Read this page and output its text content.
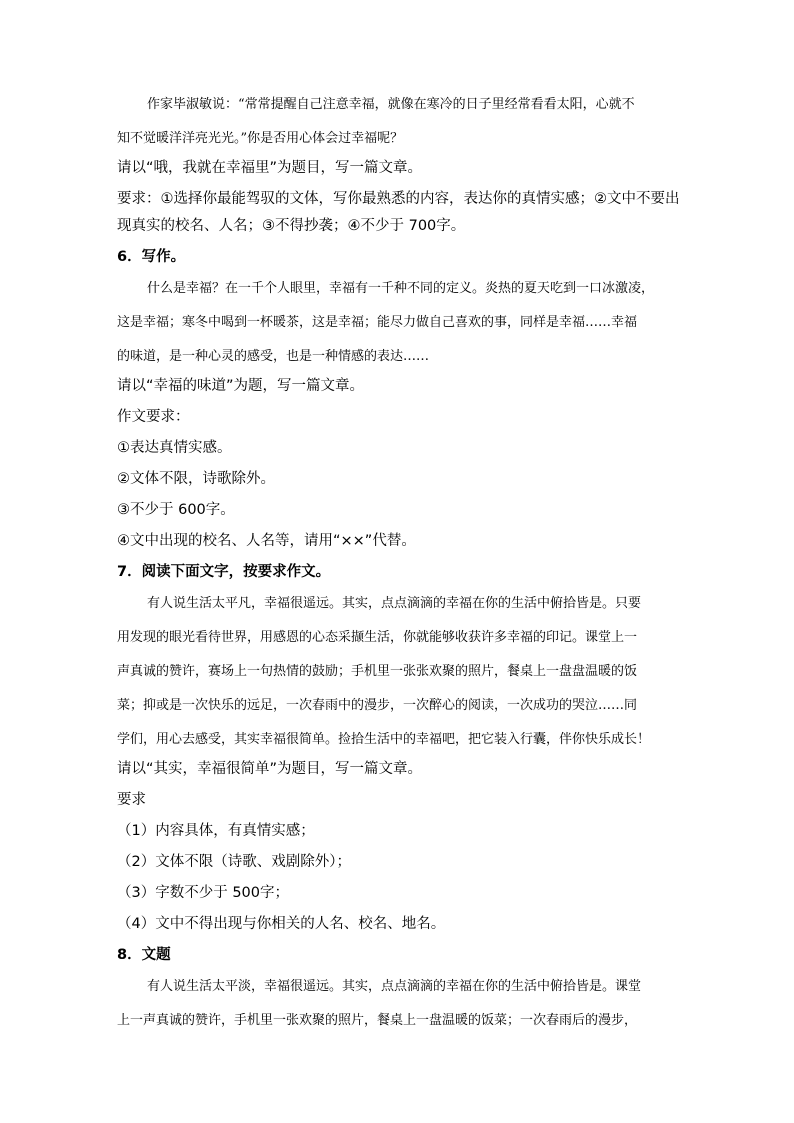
作家毕淑敏说：“常常提醒自己注意幸福，就像在寒冷的日子里经常看看太阳，心就不

知不觉暖洋洋亮光光。”你是否用心体会过幸福呢？

请以“哦，我就在幸福里”为题目，写一篇文章。

要求：①选择你最能驾驭的文体，写你最熟悉的内容，表达你的真情实感；②文中不要出

现真实的校名、人名；③不得抄袭；④不少于 700字。

6．写作。

什么是幸福？在一千个人眼里，幸福有一千种不同的定义。炎热的夏天吃到一口冰激凌，

这是幸福；寒冬中喝到一杯暖茶，这是幸福；能尽力做自己喜欢的事，同样是幸福……幸福

的味道，是一种心灵的感受，也是一种情感的表达……

请以“幸福的味道”为题，写一篇文章。

作文要求：

①表达真情实感。

②文体不限，诗歌除外。

③不少于 600字。

④文中出现的校名、人名等，请用“××”代替。

7．阅读下面文字，按要求作文。

有人说生活太平凡，幸福很遥远。其实，点点滴滴的幸福在你的生活中俯拾皆是。只要

用发现的眼光看待世界，用感恩的心态采撷生活，你就能够收获许多幸福的印记。课堂上一

声真诚的赞许，赛场上一句热情的鼓励；手机里一张张欢聚的照片，餐桌上一盘盘温暖的饭

菜；抑或是一次快乐的远足，一次春雨中的漫步，一次醉心的阅读，一次成功的哭泣……同

学们，用心去感受，其实幸福很简单。捡拾生活中的幸福吧，把它装入行囊，伴你快乐成长！

请以“其实，幸福很简单”为题目，写一篇文章。

要求

（1）内容具体，有真情实感；

（2）文体不限（诗歌、戏剧除外）；

（3）字数不少于 500字；

（4）文中不得出现与你相关的人名、校名、地名。

8．文题

有人说生活太平淡，幸福很遥远。其实，点点滴滴的幸福在你的生活中俯拾皆是。课堂

上一声真诚的赞许，手机里一张欢聚的照片，餐桌上一盘温暖的饭菜；一次春雨后的漫步，
